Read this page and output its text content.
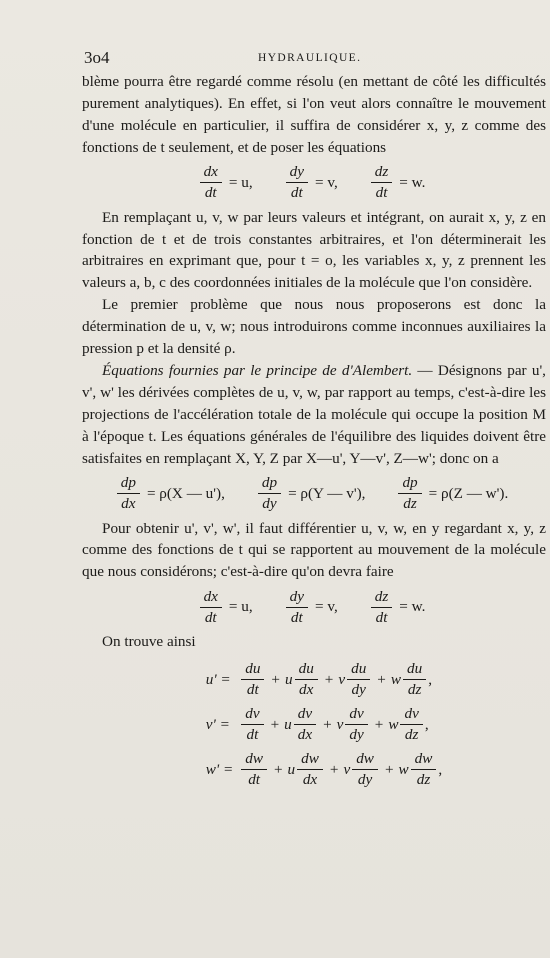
3o4	HYDRAULIQUE.

blème pourra être regardé comme résolu (en mettant de côté les difficultés purement analytiques). En effet, si l'on veut alors connaître le mouvement d'une molécule en particulier, il suffira de considérer x, y, z comme des fonctions de t seulement, et de poser les équations

$\frac{dx}{dt} = u$, $\frac{dy}{dt} = v$, $\frac{dz}{dt} = w$.

En remplaçant u, v, w par leurs valeurs et intégrant, on aurait x, y, z en fonction de t et de trois constantes arbitraires, et l'on déterminerait les arbitraires en exprimant que, pour t = o, les variables x, y, z prennent les valeurs a, b, c des coordonnées initiales de la molécule que l'on considère.

Le premier problème que nous nous proposerons est donc la détermination de u, v, w; nous introduirons comme inconnues auxiliaires la pression p et la densité ρ.

Équations fournies par le principe de d'Alembert. — Désignons par u', v', w' les dérivées complètes de u, v, w, par rapport au temps, c'est-à-dire les projections de l'accélération totale de la molécule qui occupe la position M à l'époque t. Les équations générales de l'équilibre des liquides doivent être satisfaites en remplaçant X, Y, Z par X—u', Y—v', Z—w'; donc on a

$\frac{dp}{dx} = \rho(X$ — u'), $\frac{dp}{dy} = \rho(Y$ — v'), $\frac{dp}{dz} = \rho(Z$ — w').

Pour obtenir u', v', w', il faut différentier u, v, w, en y regardant x, y, z comme des fonctions de t qui se rapportent au mouvement de la molécule que nous considérons; c'est-à-dire qu'on devra faire

$\frac{dx}{dt} = u$, $\frac{dy}{dt} = v$, $\frac{dz}{dt} = w$.

On trouve ainsi

$u' = \frac{du}{dt} + u \frac{du}{dx} + v \frac{du}{dy} + w \frac{du}{dz}$ ,
$v' = \frac{dv}{dt} + u \frac{dv}{dx} + v \frac{dv}{dy} + w \frac{dv}{dz}$ ,
$w' = \frac{dw}{dt} + u \frac{dw}{dx} + v \frac{dw}{dy} + w \frac{dw}{dz}$ ,
